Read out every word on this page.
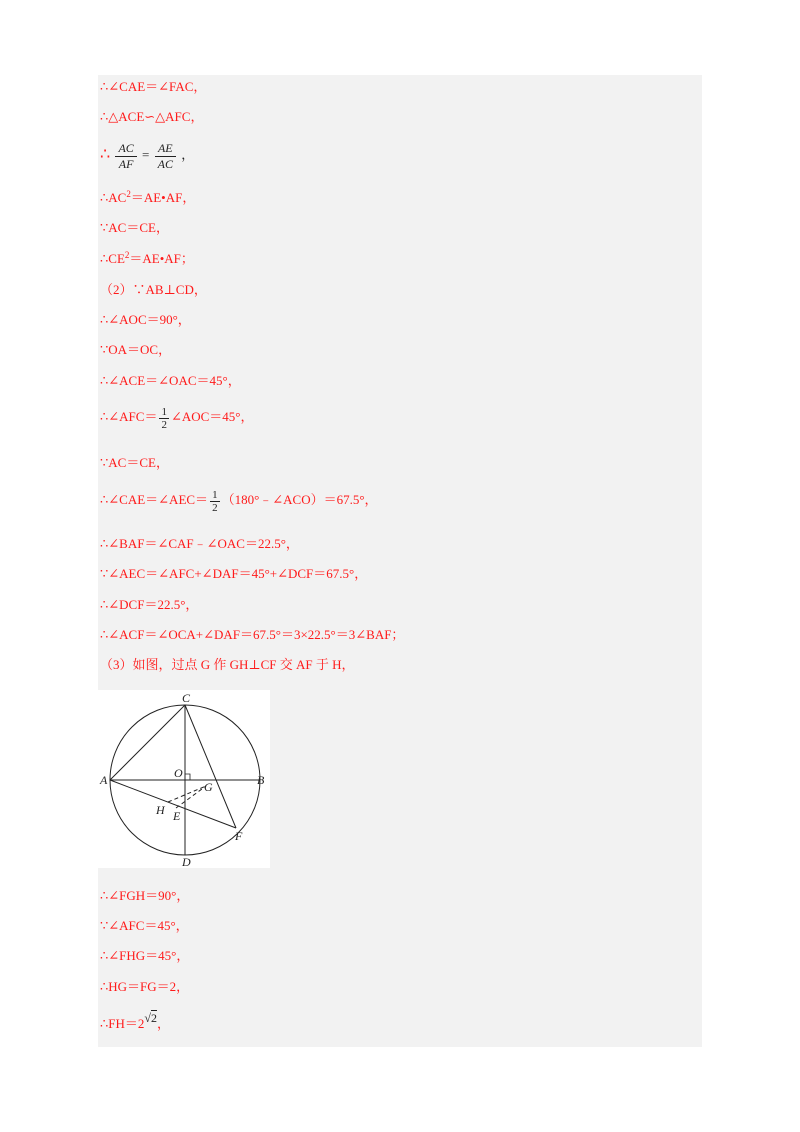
∴∠CAE＝∠FAC，
∴△ACE∽△AFC，
∴ $\frac{AC}{AF} = \frac{AE}{AC}$ ，
$\therefore AC^2=AE•AF$，
∵AC＝CE，
$\therefore CE^2=AE•AF$；
（2）∵AB⊥CD，
∴∠AOC＝90°，
∵OA＝OC，
∴∠ACE＝∠OAC＝45°，
∴∠AFC＝ $\frac{1}{2}$ ∠AOC＝45°，
∵AC＝CE，
∴∠CAE＝∠AEC＝ $\frac{1}{2}$ （180°﹣∠ACO）＝67.5°，
∴∠BAF＝∠CAF﹣∠OAC＝22.5°，
∵∠AEC＝∠AFC+∠DAF＝45°+∠DCF＝67.5°，
∴∠DCF＝22.5°，
∴∠ACF＝∠OCA+∠DAF＝67.5°＝3×22.5°＝3∠BAF；
（3）如图，过点 G 作 GH⊥CF 交 AF 于 H，
C
A	B
O
G
H E
F
D
∴∠FGH＝90°，
∵∠AFC＝45°，
∴∠FHG＝45°，
∴HG＝FG＝2，
∴FH＝2√2，
